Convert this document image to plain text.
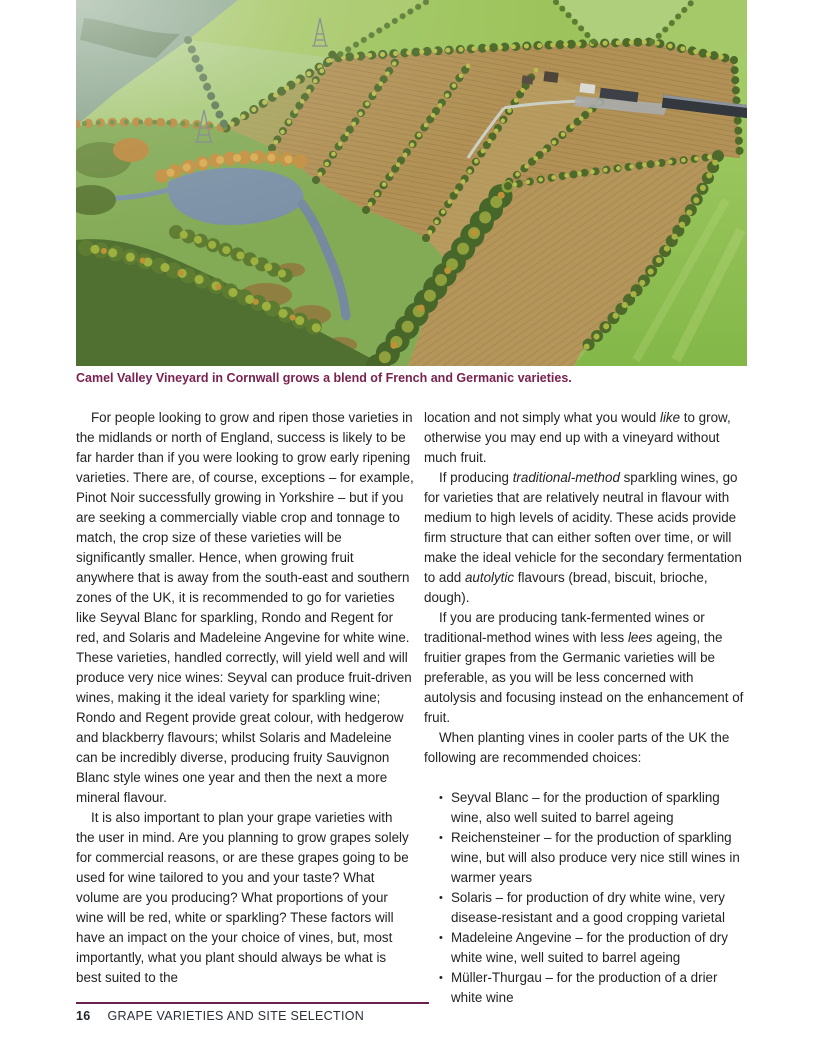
Camel Valley Vineyard in Cornwall grows a blend of French and Germanic varieties.

For people looking to grow and ripen those varieties in the midlands or north of England, success is likely to be far harder than if you were looking to grow early ripening varieties. There are, of course, exceptions – for example, Pinot Noir successfully growing in Yorkshire – but if you are seeking a commercially viable crop and tonnage to match, the crop size of these varieties will be significantly smaller. Hence, when growing fruit anywhere that is away from the south-east and southern zones of the UK, it is recommended to go for varieties like Seyval Blanc for sparkling, Rondo and Regent for red, and Solaris and Madeleine Angevine for white wine. These varieties, handled correctly, will yield well and will produce very nice wines: Seyval can produce fruit-driven wines, making it the ideal variety for sparkling wine; Rondo and Regent provide great colour, with hedgerow and blackberry flavours; whilst Solaris and Madeleine can be incredibly diverse, producing fruity Sauvignon Blanc style wines one year and then the next a more mineral flavour.

It is also important to plan your grape varieties with the user in mind. Are you planning to grow grapes solely for commercial reasons, or are these grapes going to be used for wine tailored to you and your taste? What volume are you producing? What proportions of your wine will be red, white or sparkling? These factors will have an impact on the your choice of vines, but, most importantly, what you plant should always be what is best suited to the

location and not simply what you would like to grow, otherwise you may end up with a vineyard without much fruit.

If producing traditional-method sparkling wines, go for varieties that are relatively neutral in flavour with medium to high levels of acidity. These acids provide firm structure that can either soften over time, or will make the ideal vehicle for the secondary fermentation to add autolytic flavours (bread, biscuit, brioche, dough).

If you are producing tank-fermented wines or traditional-method wines with less lees ageing, the fruitier grapes from the Germanic varieties will be preferable, as you will be less concerned with autolysis and focusing instead on the enhancement of fruit.

When planting vines in cooler parts of the UK the following are recommended choices:

• Seyval Blanc – for the production of sparkling wine, also well suited to barrel ageing
• Reichensteiner – for the production of sparkling wine, but will also produce very nice still wines in warmer years
• Solaris – for production of dry white wine, very disease-resistant and a good cropping varietal
• Madeleine Angevine – for the production of dry white wine, well suited to barrel ageing
• Müller-Thurgau – for the production of a drier white wine
16 GRAPE VARIETIES AND SITE SELECTION
